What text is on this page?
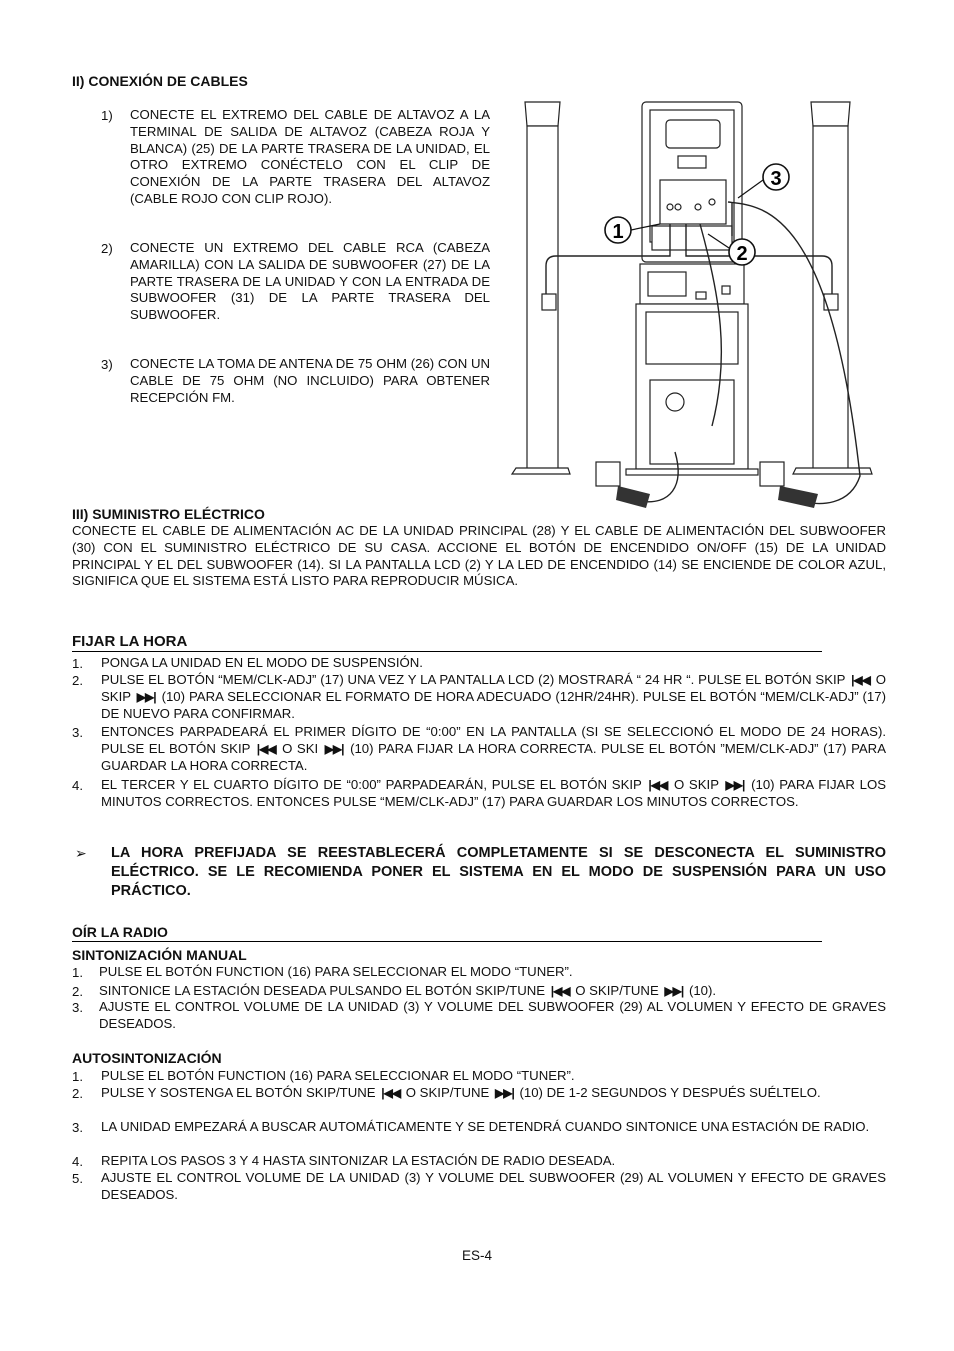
II) CONEXIÓN DE CABLES
1) CONECTE EL EXTREMO DEL CABLE DE ALTAVOZ A LA TERMINAL DE SALIDA DE ALTAVOZ (CABEZA ROJA Y BLANCA) (25) DE LA PARTE TRASERA DE LA UNIDAD, EL OTRO EXTREMO CONÉCTELO CON EL CLIP DE CONEXIÓN DE LA PARTE TRASERA DEL ALTAVOZ (CABLE ROJO CON CLIP ROJO).
2) CONECTE UN EXTREMO DEL CABLE RCA (CABEZA AMARILLA) CON LA SALIDA DE SUBWOOFER (27) DE LA PARTE TRASERA DE LA UNIDAD Y CON LA ENTRADA DE SUBWOOFER (31) DE LA PARTE TRASERA DEL SUBWOOFER.
3) CONECTE LA TOMA DE ANTENA DE 75 OHM (26) CON UN CABLE DE 75 OHM (NO INCLUIDO) PARA OBTENER RECEPCIÓN FM.
1
2
3
III) SUMINISTRO ELÉCTRICO
CONECTE EL CABLE DE ALIMENTACIÓN AC DE LA UNIDAD PRINCIPAL (28) Y EL CABLE DE ALIMENTACIÓN DEL SUBWOOFER (30) CON EL SUMINISTRO ELÉCTRICO DE SU CASA. ACCIONE EL BOTÓN DE ENCENDIDO ON/OFF (15) DE LA UNIDAD PRINCIPAL Y EL DEL SUBWOOFER (14). SI LA PANTALLA LCD (2) Y LA LED DE ENCENDIDO (14) SE ENCIENDE DE COLOR AZUL, SIGNIFICA QUE EL SISTEMA ESTÁ LISTO PARA REPRODUCIR MÚSICA.
FIJAR LA HORA
1. PONGA LA UNIDAD EN EL MODO DE SUSPENSIÓN.
2. PULSE EL BOTÓN “MEM/CLK-ADJ” (17) UNA VEZ Y LA PANTALLA LCD (2) MOSTRARÁ “ 24 HR “. PULSE EL BOTÓN SKIP |◀◀ O SKIP ▶▶| (10) PARA SELECCIONAR EL FORMATO DE HORA ADECUADO (12HR/24HR). PULSE EL BOTÓN “MEM/CLK-ADJ” (17) DE NUEVO PARA CONFIRMAR.
3. ENTONCES PARPADEARÁ EL PRIMER DÍGITO DE “0:00” EN LA PANTALLA (SI SE SELECCIONÓ EL MODO DE 24 HORAS). PULSE EL BOTÓN SKIP |◀◀ O SKI ▶▶| (10) PARA FIJAR LA HORA CORRECTA. PULSE EL BOTÓN ”MEM/CLK-ADJ” (17) PARA GUARDAR LA HORA CORRECTA.
4. EL TERCER Y EL CUARTO DÍGITO DE “0:00” PARPADEARÁN, PULSE EL BOTÓN SKIP |◀◀ O SKIP ▶▶| (10) PARA FIJAR LOS MINUTOS CORRECTOS. ENTONCES PULSE “MEM/CLK-ADJ” (17) PARA GUARDAR LOS MINUTOS CORRECTOS.
➢ LA HORA PREFIJADA SE REESTABLECERÁ COMPLETAMENTE SI SE DESCONECTA EL SUMINISTRO ELÉCTRICO. SE LE RECOMIENDA PONER EL SISTEMA EN EL MODO DE SUSPENSIÓN PARA UN USO PRÁCTICO.
OÍR LA RADIO
SINTONIZACIÓN MANUAL
1. PULSE EL BOTÓN FUNCTION (16) PARA SELECCIONAR EL MODO “TUNER”.
2. SINTONICE LA ESTACIÓN DESEADA PULSANDO EL BOTÓN SKIP/TUNE |◀◀ O SKIP/TUNE ▶▶| (10).
3. AJUSTE EL CONTROL VOLUME DE LA UNIDAD (3) Y VOLUME DEL SUBWOOFER (29) AL VOLUMEN Y EFECTO DE GRAVES DESEADOS.
AUTOSINTONIZACIÓN
1. PULSE EL BOTÓN FUNCTION (16) PARA SELECCIONAR EL MODO “TUNER”.
2. PULSE Y SOSTENGA EL BOTÓN SKIP/TUNE |◀◀ O SKIP/TUNE ▶▶| (10) DE 1-2 SEGUNDOS Y DESPUÉS SUÉLTELO.
3. LA UNIDAD EMPEZARÁ A BUSCAR AUTOMÁTICAMENTE Y SE DETENDRÁ CUANDO SINTONICE UNA ESTACIÓN DE RADIO.
4. REPITA LOS PASOS 3 Y 4 HASTA SINTONIZAR LA ESTACIÓN DE RADIO DESEADA.
5. AJUSTE EL CONTROL VOLUME DE LA UNIDAD (3) Y VOLUME DEL SUBWOOFER (29) AL VOLUMEN Y EFECTO DE GRAVES DESEADOS.
ES-4
